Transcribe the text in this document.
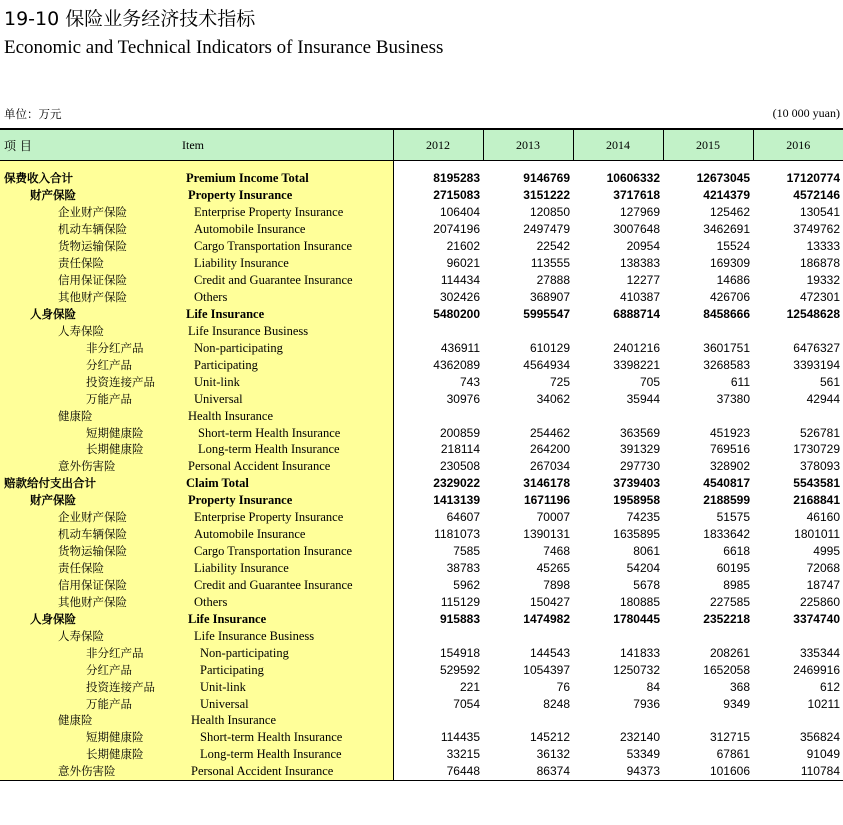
19-10 保险业务经济技术指标
Economic and Technical Indicators of Insurance Business
单位：万元	(10 000 yuan)
项 目	Item	2012	2013	2014	2015	2016

保费收入合计	Premium Income Total	8195283	9146769	10606332	12673045	17120774
财产保险	Property Insurance	2715083	3151222	3717618	4214379	4572146
企业财产保险	Enterprise Property Insurance	106404	120850	127969	125462	130541
机动车辆保险	Automobile Insurance	2074196	2497479	3007648	3462691	3749762
货物运输保险	Cargo Transportation Insurance	21602	22542	20954	15524	13333
责任保险	Liability Insurance	96021	113555	138383	169309	186878
信用保证保险	Credit and Guarantee Insurance	114434	27888	12277	14686	19332
其他财产保险	Others	302426	368907	410387	426706	472301
人身保险	Life Insurance	5480200	5995547	6888714	8458666	12548628
人寿保险	Life Insurance Business					
非分红产品	Non-participating	436911	610129	2401216	3601751	6476327
分红产品	Participating	4362089	4564934	3398221	3268583	3393194
投资连接产品	Unit-link	743	725	705	611	561
万能产品	Universal	30976	34062	35944	37380	42944
健康险	Health Insurance					
短期健康险	Short-term Health Insurance	200859	254462	363569	451923	526781
长期健康险	Long-term Health Insurance	218114	264200	391329	769516	1730729
意外伤害险	Personal Accident Insurance	230508	267034	297730	328902	378093
赔款给付支出合计	Claim Total	2329022	3146178	3739403	4540817	5543581
财产保险	Property Insurance	1413139	1671196	1958958	2188599	2168841
企业财产保险	Enterprise Property Insurance	64607	70007	74235	51575	46160
机动车辆保险	Automobile Insurance	1181073	1390131	1635895	1833642	1801011
货物运输保险	Cargo Transportation Insurance	7585	7468	8061	6618	4995
责任保险	Liability Insurance	38783	45265	54204	60195	72068
信用保证保险	Credit and Guarantee Insurance	5962	7898	5678	8985	18747
其他财产保险	Others	115129	150427	180885	227585	225860
人身保险	Life Insurance	915883	1474982	1780445	2352218	3374740
人寿保险	Life Insurance Business					
非分红产品	Non-participating	154918	144543	141833	208261	335344
分红产品	Participating	529592	1054397	1250732	1652058	2469916
投资连接产品	Unit-link	221	76	84	368	612
万能产品	Universal	7054	8248	7936	9349	10211
健康险	Health Insurance					
短期健康险	Short-term Health Insurance	114435	145212	232140	312715	356824
长期健康险	Long-term Health Insurance	33215	36132	53349	67861	91049
意外伤害险	Personal Accident Insurance	76448	86374	94373	101606	110784
